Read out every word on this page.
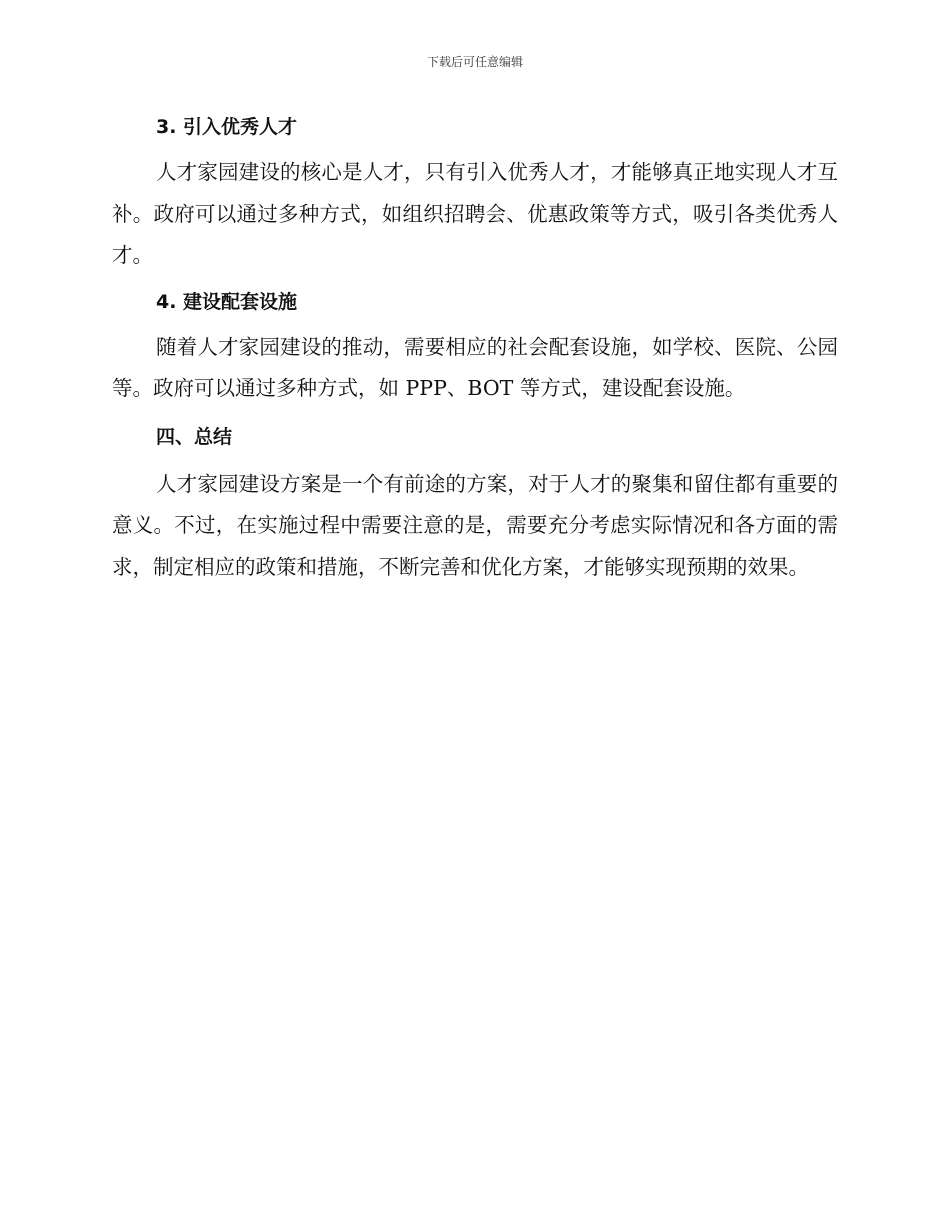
下载后可任意编辑
3. 引入优秀人才

人才家园建设的核心是人才，只有引入优秀人才，才能够真正地实现人才互补。政府可以通过多种方式，如组织招聘会、优惠政策等方式，吸引各类优秀人才。

4. 建设配套设施

随着人才家园建设的推动，需要相应的社会配套设施，如学校、医院、公园等。政府可以通过多种方式，如 PPP、BOT 等方式，建设配套设施。

四、总结

人才家园建设方案是一个有前途的方案，对于人才的聚集和留住都有重要的意义。不过，在实施过程中需要注意的是，需要充分考虑实际情况和各方面的需求，制定相应的政策和措施，不断完善和优化方案，才能够实现预期的效果。
